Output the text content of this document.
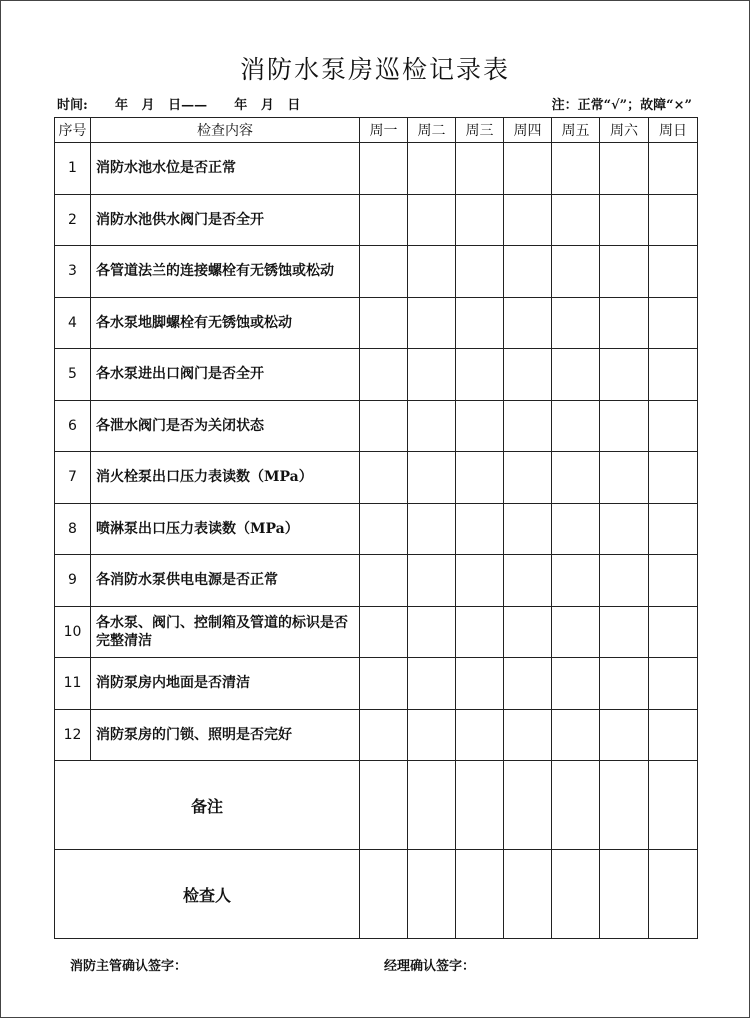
消防水泵房巡检记录表
时间:      年   月   日——      年   月   日	注：正常“√”；故障“×”
序号	检查内容	周一	周二	周三	周四	周五	周六	周日
1	消防水池水位是否正常							
2	消防水池供水阀门是否全开							
3	各管道法兰的连接螺栓有无锈蚀或松动							
4	各水泵地脚螺栓有无锈蚀或松动							
5	各水泵进出口阀门是否全开							
6	各泄水阀门是否为关闭状态							
7	消火栓泵出口压力表读数（MPa）							
8	喷淋泵出口压力表读数（MPa）							
9	各消防水泵供电电源是否正常							
10	各水泵、阀门、控制箱及管道的标识是否完整清洁							
11	消防泵房内地面是否清洁							
12	消防泵房的门锁、照明是否完好							
备注								
检查人								
消防主管确认签字：	经理确认签字：
